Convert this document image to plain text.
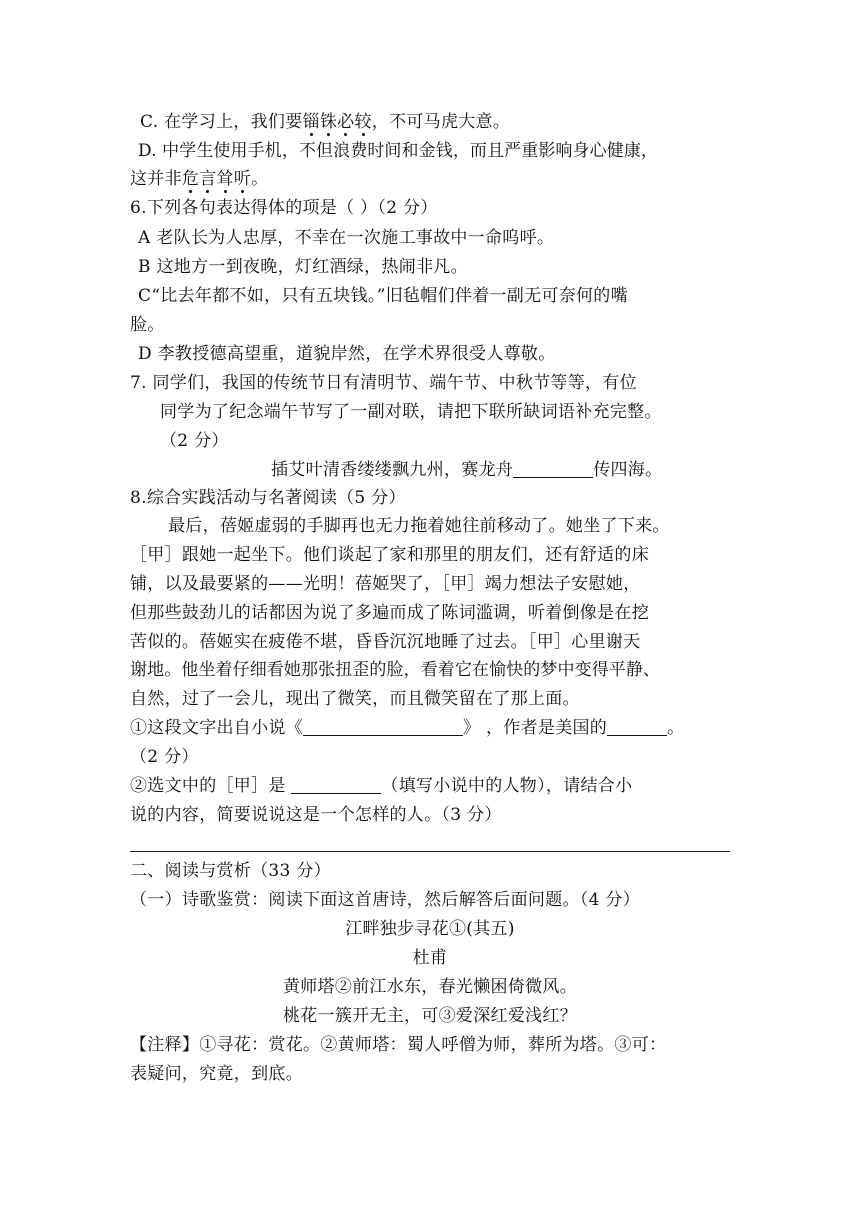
C. 在学习上，我们要锱铢必较，不可马虎大意。
D. 中学生使用手机，不但浪费时间和金钱，而且严重影响身心健康，
这并非危言耸听。
6.下列各句表达得体的项是（ ）（2 分）
A 老队长为人忠厚，不幸在一次施工事故中一命呜呼。
B 这地方一到夜晚，灯红酒绿，热闹非凡。
C“比去年都不如，只有五块钱。”旧毡帽们伴着一副无可奈何的嘴
脸。
D 李教授德高望重，道貌岸然，在学术界很受人尊敬。
7. 同学们，我国的传统节日有清明节、端午节、中秋节等等，有位
同学为了纪念端午节写了一副对联，请把下联所缺词语补充完整。
（2 分）
插艾叶清香缕缕飘九州，赛龙舟	传四海。
8.综合实践活动与名著阅读（5 分）
最后，蓓姬虚弱的手脚再也无力拖着她往前移动了。她坐了下来。
［甲］跟她一起坐下。他们谈起了家和那里的朋友们，还有舒适的床
铺，以及最要紧的——光明！蓓姬哭了，［甲］竭力想法子安慰她，
但那些鼓劲儿的话都因为说了多遍而成了陈词滥调，听着倒像是在挖
苦似的。蓓姬实在疲倦不堪，昏昏沉沉地睡了过去。［甲］心里谢天
谢地。他坐着仔细看她那张扭歪的脸，看着它在愉快的梦中变得平静、
自然，过了一会儿，现出了微笑，而且微笑留在了那上面。
①这段文字出自小说《	》 ，作者是美国的	。
（2 分）
②选文中的［甲］是	（填写小说中的人物），请结合小
说的内容，简要说说这是一个怎样的人。（3 分）
二、阅读与赏析（33 分）
（一）诗歌鉴赏：阅读下面这首唐诗，然后解答后面问题。（4 分）
江畔独步寻花①(其五)
杜甫
黄师塔②前江水东，春光懒困倚微风。
桃花一簇开无主，可③爱深红爱浅红？
【注释】①寻花：赏花。②黄师塔：蜀人呼僧为师，葬所为塔。③可：
表疑问，究竟，到底。
